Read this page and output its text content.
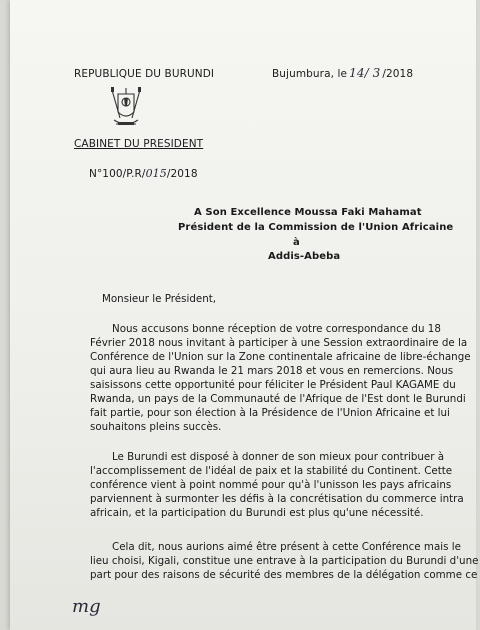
REPUBLIQUE DU BURUNDI
CABINET DU PRESIDENT
N°100/P.R/015/2018
Bujumbura, le 14/ 3 /2018
A Son Excellence Moussa Faki Mahamat
Président de la Commission de l'Union Africaine
à
Addis-Abeba
Monsieur le Président,
Nous accusons bonne réception de votre correspondance du 18
Février 2018 nous invitant à participer à une Session extraordinaire de la
Conférence de l'Union sur la Zone continentale africaine de libre-échange
qui aura lieu au Rwanda le 21 mars 2018 et vous en remercions. Nous
saisissons cette opportunité pour féliciter le Président Paul KAGAME du
Rwanda, un pays de la Communauté de l'Afrique de l'Est dont le Burundi
fait partie, pour son élection à la Présidence de l'Union Africaine et lui
souhaitons pleins succès.
Le Burundi est disposé à donner de son mieux pour contribuer à
l'accomplissement de l'idéal de paix et la stabilité du Continent. Cette
conférence vient à point nommé pour qu'à l'unisson les pays africains
parviennent à surmonter les défis à la concrétisation du commerce intra
africain, et la participation du Burundi est plus qu'une nécessité.
Cela dit, nous aurions aimé être présent à cette Conférence mais le
lieu choisi, Kigali, constitue une entrave à la participation du Burundi d'une
part pour des raisons de sécurité des membres de la délégation comme ce
mg
